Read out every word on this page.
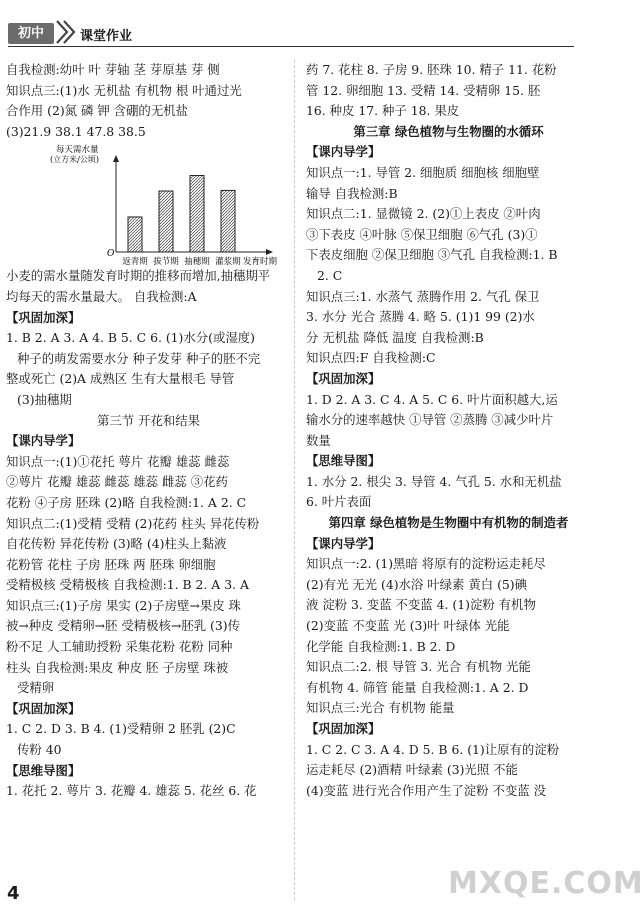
初中	课堂作业
自我检测:幼叶 叶 芽轴 茎 芽原基 芽 侧
知识点三:(1)水 无机盐 有机物 根 叶通过光
合作用 (2)氮 磷 钾 含硼的无机盐
(3)21.9 38.1 47.8 38.5
每天需水量
(立方米/公顷)
O
返青期 拔节期 抽穗期 灌浆期 发育时期
小麦的需水量随发育时期的推移而增加,抽穗期平
均每天的需水量最大。 自我检测:A
【巩固加深】
1. B 2. A 3. A 4. B 5. C 6. (1)水分(或湿度)
种子的萌发需要水分 种子发芽 种子的胚不完
整或死亡 (2)A 成熟区 生有大量根毛 导管
(3)抽穗期
第三节 开花和结果
【课内导学】
知识点一:(1)①花托 萼片 花瓣 雄蕊 雌蕊
②萼片 花瓣 雄蕊 雌蕊 雄蕊 雌蕊 ③花药
花粉 ④子房 胚珠 (2)略 自我检测:1. A 2. C
知识点二:(1)受精 受精 (2)花药 柱头 异花传粉
自花传粉 异花传粉 (3)略 (4)柱头上黏液
花粉管 花柱 子房 胚珠 两 胚珠 卵细胞
受精极核 受精极核 自我检测:1. B 2. A 3. A
知识点三:(1)子房 果实 (2)子房壁→果皮 珠
被→种皮 受精卵→胚 受精极核→胚乳 (3)传
粉不足 人工辅助授粉 采集花粉 花粉 同种
柱头 自我检测:果皮 种皮 胚 子房壁 珠被
受精卵
【巩固加深】
1. C 2. D 3. B 4. (1)受精卵 2 胚乳 (2)C
传粉 40
【思维导图】
1. 花托 2. 萼片 3. 花瓣 4. 雄蕊 5. 花丝 6. 花
药 7. 花柱 8. 子房 9. 胚珠 10. 精子 11. 花粉
管 12. 卵细胞 13. 受精 14. 受精卵 15. 胚
16. 种皮 17. 种子 18. 果皮
第三章 绿色植物与生物圈的水循环
【课内导学】
知识点一:1. 导管 2. 细胞质 细胞核 细胞壁
输导 自我检测:B
知识点二:1. 显微镜 2. (2)①上表皮 ②叶肉
③下表皮 ④叶脉 ⑤保卫细胞 ⑥气孔 (3)①
下表皮细胞 ②保卫细胞 ③气孔 自我检测:1. B
2. C
知识点三:1. 水蒸气 蒸腾作用 2. 气孔 保卫
3. 水分 光合 蒸腾 4. 略 5. (1)1 99 (2)水
分 无机盐 降低 温度 自我检测:B
知识点四:F 自我检测:C
【巩固加深】
1. D 2. A 3. C 4. A 5. C 6. 叶片面积越大,运
输水分的速率越快 ①导管 ②蒸腾 ③减少叶片
数量
【思维导图】
1. 水分 2. 根尖 3. 导管 4. 气孔 5. 水和无机盐
6. 叶片表面
第四章 绿色植物是生物圈中有机物的制造者
【课内导学】
知识点一:2. (1)黑暗 将原有的淀粉运走耗尽
(2)有光 无光 (4)水浴 叶绿素 黄白 (5)碘
液 淀粉 3. 变蓝 不变蓝 4. (1)淀粉 有机物
(2)变蓝 不变蓝 光 (3)叶 叶绿体 光能
化学能 自我检测:1. B 2. D
知识点二:2. 根 导管 3. 光合 有机物 光能
有机物 4. 筛管 能量 自我检测:1. A 2. D
知识点三:光合 有机物 能量
【巩固加深】
1. C 2. C 3. A 4. D 5. B 6. (1)让原有的淀粉
运走耗尽 (2)酒精 叶绿素 (3)光照 不能
(4)变蓝 进行光合作用产生了淀粉 不变蓝 没
4	MXQE.COM
